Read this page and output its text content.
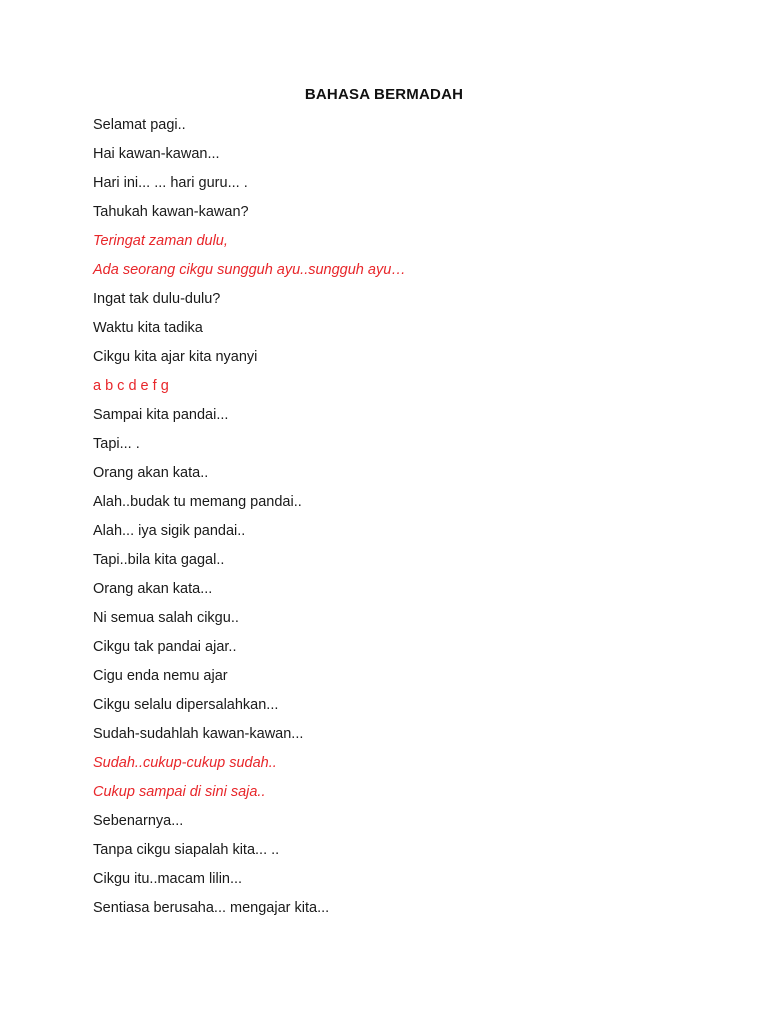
BAHASA BERMADAH
Selamat pagi..
Hai kawan-kawan...
Hari ini... ... hari guru... .
Tahukah kawan-kawan?
Teringat zaman dulu,
Ada seorang cikgu sungguh ayu..sungguh ayu…
Ingat tak dulu-dulu?
Waktu kita tadika
Cikgu kita ajar kita nyanyi
a b c d e f g
Sampai kita pandai...
Tapi... .
Orang akan kata..
Alah..budak tu memang pandai..
Alah... iya sigik pandai..
Tapi..bila kita gagal..
Orang akan kata...
Ni semua salah cikgu..
Cikgu tak pandai ajar..
Cigu enda nemu ajar
Cikgu selalu dipersalahkan...
Sudah-sudahlah kawan-kawan...
Sudah..cukup-cukup sudah..
Cukup sampai di sini saja..
Sebenarnya...
Tanpa cikgu siapalah kita... ..
Cikgu itu..macam lilin...
Sentiasa berusaha... mengajar kita...
